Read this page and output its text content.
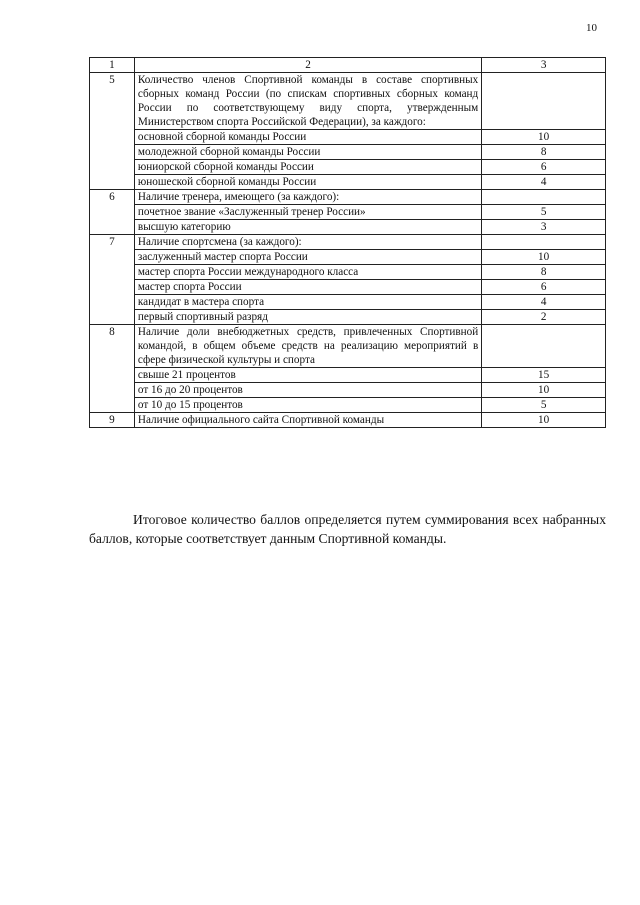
10
1	2	3
5	Количество членов Спортивной команды в составе спортивных сборных команд России (по спискам спортивных сборных команд России по соответствующему виду спорта, утвержденным Министерством спорта Российской Федерации), за каждого:	
	основной сборной команды России	10
	молодежной сборной команды России	8
	юниорской сборной команды России	6
	юношеской сборной команды России	4
6	Наличие тренера, имеющего (за каждого):	
	почетное звание «Заслуженный тренер России»	5
	высшую категорию	3
7	Наличие спортсмена (за каждого):	
	заслуженный мастер спорта России	10
	мастер спорта России международного класса	8
	мастер спорта России	6
	кандидат в мастера спорта	4
	первый спортивный разряд	2
8	Наличие доли внебюджетных средств, привлеченных Спортивной командой, в общем объеме средств на реализацию мероприятий в сфере физической культуры и спорта	
	свыше 21 процентов	15
	от 16 до 20 процентов	10
	от 10 до 15 процентов	5
9	Наличие официального сайта Спортивной команды	10

Итоговое количество баллов определяется путем суммирования всех набранных баллов, которые соответствует данным Спортивной команды.
